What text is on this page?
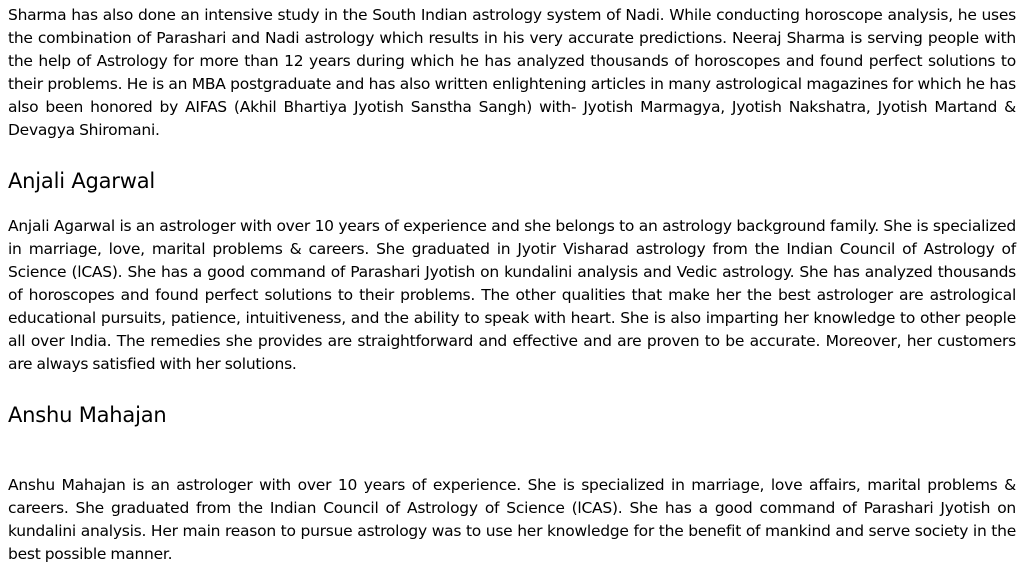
Sharma has also done an intensive study in the South Indian astrology system of Nadi. While conducting horoscope analysis, he uses the combination of Parashari and Nadi astrology which results in his very accurate predictions. Neeraj Sharma is serving people with the help of Astrology for more than 12 years during which he has analyzed thousands of horoscopes and found perfect solutions to their problems. He is an MBA postgraduate and has also written enlightening articles in many astrological magazines for which he has also been honored by AIFAS (Akhil Bhartiya Jyotish Sanstha Sangh) with- Jyotish Marmagya, Jyotish Nakshatra, Jyotish Martand & Devagya Shiromani.

Anjali Agarwal

Anjali Agarwal is an astrologer with over 10 years of experience and she belongs to an astrology background family. She is specialized in marriage, love, marital problems & careers. She graduated in Jyotir Visharad astrology from the Indian Council of Astrology of Science (lCAS). She has a good command of Parashari Jyotish on kundalini analysis and Vedic astrology. She has analyzed thousands of horoscopes and found perfect solutions to their problems. The other qualities that make her the best astrologer are astrological educational pursuits, patience, intuitiveness, and the ability to speak with heart. She is also imparting her knowledge to other people all over India. The remedies she provides are straightforward and effective and are proven to be accurate. Moreover, her customers are always satisfied with her solutions.

Anshu Mahajan

Anshu Mahajan is an astrologer with over 10 years of experience. She is specialized in marriage, love affairs, marital problems & careers. She graduated from the Indian Council of Astrology of Science (lCAS). She has a good command of Parashari Jyotish on kundalini analysis. Her main reason to pursue astrology was to use her knowledge for the benefit of mankind and serve society in the best possible manner.
